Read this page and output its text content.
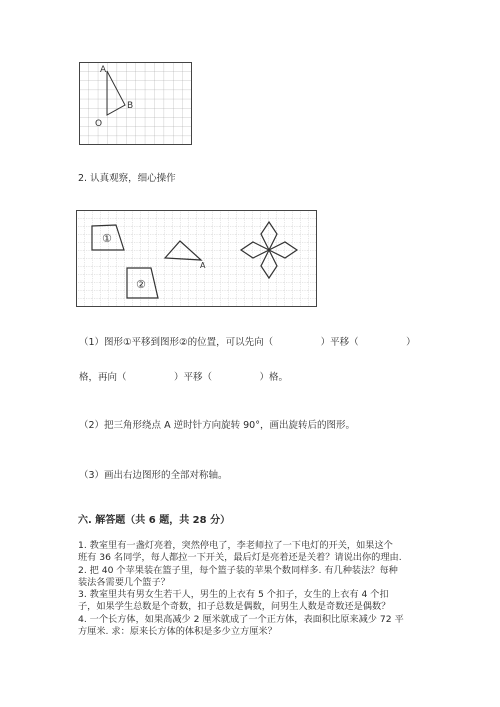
A
B
O
2. 认真观察，细心操作
①
②
A
（1）图形①平移到图形②的位置，可以先向（　　　　　）平移（　　　　　）
格，再向（　　　　　）平移（　　　　　）格。
（2）把三角形绕点 A 逆时针方向旋转 90°，画出旋转后的图形。
（3）画出右边图形的全部对称轴。
六. 解答题（共 6 题，共 28 分）
1. 教室里有一盏灯亮着，突然停电了，李老师拉了一下电灯的开关，如果这个
班有 36 名同学，每人都拉一下开关，最后灯是亮着还是关着？请说出你的理由.
2. 把 40 个苹果装在篮子里，每个篮子装的苹果个数同样多. 有几种装法？每种
装法各需要几个篮子？
3. 教室里共有男女生若干人，男生的上衣有 5 个扣子，女生的上衣有 4 个扣
子，如果学生总数是个奇数，扣子总数是偶数，问男生人数是奇数还是偶数？
4. 一个长方体，如果高减少 2 厘米就成了一个正方体，表面积比原来减少 72 平
方厘米. 求：原来长方体的体积是多少立方厘米？
